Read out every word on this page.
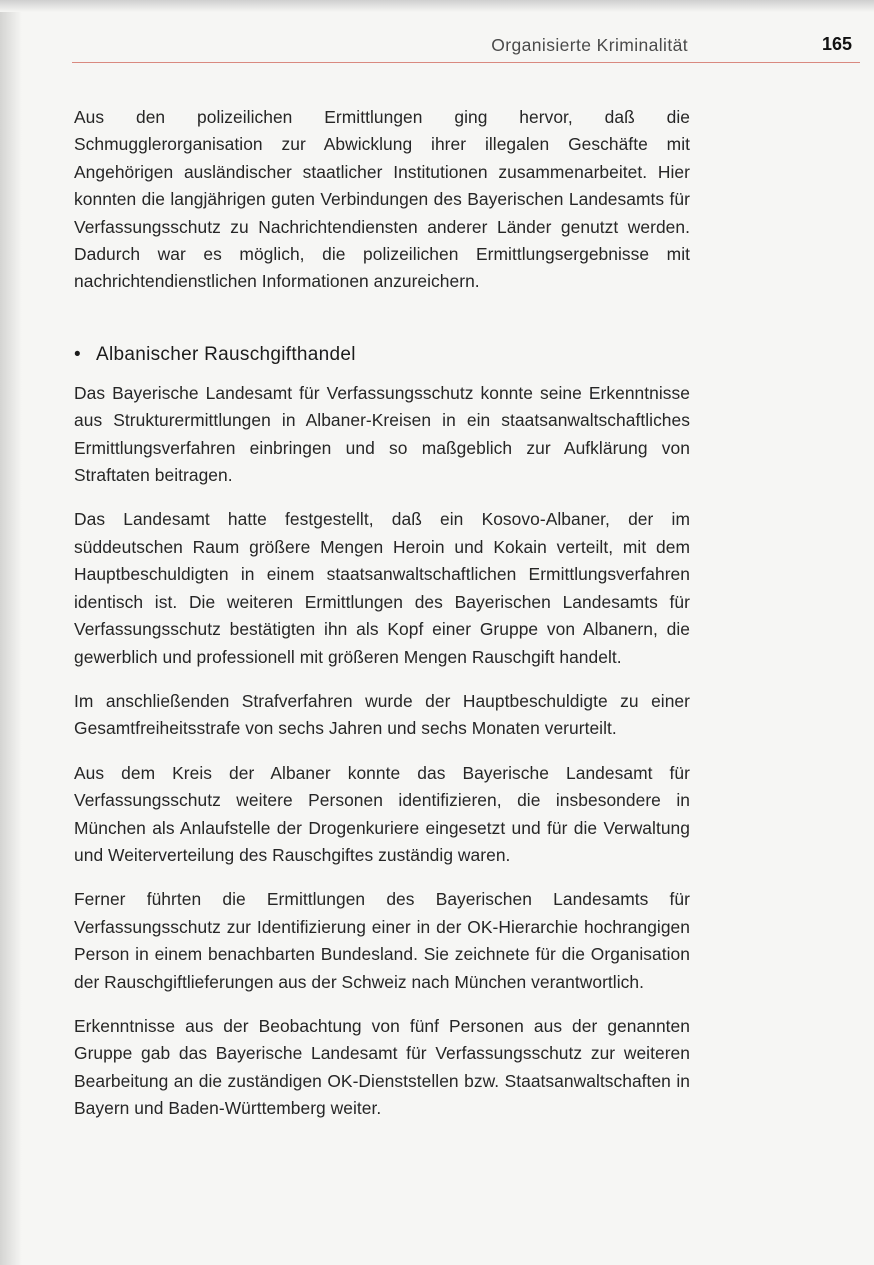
Organisierte Kriminalität	165

Aus den polizeilichen Ermittlungen ging hervor, daß die Schmugglerorganisation zur Abwicklung ihrer illegalen Geschäfte mit Angehörigen ausländischer staatlicher Institutionen zusammenarbeitet. Hier konnten die langjährigen guten Verbindungen des Bayerischen Landesamts für Verfassungsschutz zu Nachrichtendiensten anderer Länder genutzt werden. Dadurch war es möglich, die polizeilichen Ermittlungsergebnisse mit nachrichtendienstlichen Informationen anzureichern.

• Albanischer Rauschgifthandel

Das Bayerische Landesamt für Verfassungsschutz konnte seine Erkenntnisse aus Strukturermittlungen in Albaner-Kreisen in ein staatsanwaltschaftliches Ermittlungsverfahren einbringen und so maßgeblich zur Aufklärung von Straftaten beitragen.

Das Landesamt hatte festgestellt, daß ein Kosovo-Albaner, der im süddeutschen Raum größere Mengen Heroin und Kokain verteilt, mit dem Hauptbeschuldigten in einem staatsanwaltschaftlichen Ermittlungsverfahren identisch ist. Die weiteren Ermittlungen des Bayerischen Landesamts für Verfassungsschutz bestätigten ihn als Kopf einer Gruppe von Albanern, die gewerblich und professionell mit größeren Mengen Rauschgift handelt.

Im anschließenden Strafverfahren wurde der Hauptbeschuldigte zu einer Gesamtfreiheitsstrafe von sechs Jahren und sechs Monaten verurteilt.

Aus dem Kreis der Albaner konnte das Bayerische Landesamt für Verfassungsschutz weitere Personen identifizieren, die insbesondere in München als Anlaufstelle der Drogenkuriere eingesetzt und für die Verwaltung und Weiterverteilung des Rauschgiftes zuständig waren.

Ferner führten die Ermittlungen des Bayerischen Landesamts für Verfassungsschutz zur Identifizierung einer in der OK-Hierarchie hochrangigen Person in einem benachbarten Bundesland. Sie zeichnete für die Organisation der Rauschgiftlieferungen aus der Schweiz nach München verantwortlich.

Erkenntnisse aus der Beobachtung von fünf Personen aus der genannten Gruppe gab das Bayerische Landesamt für Verfassungsschutz zur weiteren Bearbeitung an die zuständigen OK-Dienststellen bzw. Staatsanwaltschaften in Bayern und Baden-Württemberg weiter.
